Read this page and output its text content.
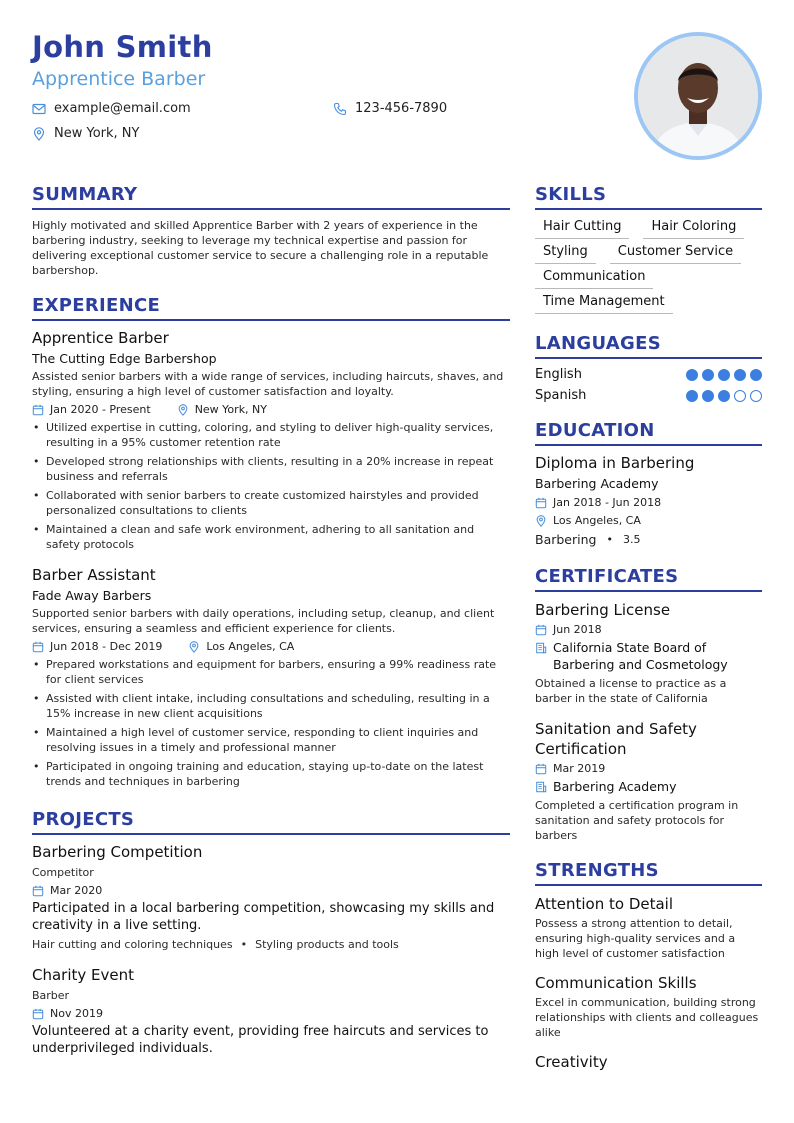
John Smith
Apprentice Barber
example@email.com	123-456-7890
New York, NY
SUMMARY

Highly motivated and skilled Apprentice Barber with 2 years of experience in the barbering industry, seeking to leverage my technical expertise and passion for delivering exceptional customer service to secure a challenging role in a reputable barbershop.

EXPERIENCE
Apprentice Barber
The Cutting Edge Barbershop

Assisted senior barbers with a wide range of services, including haircuts, shaves, and styling, ensuring a high level of customer satisfaction and loyalty.

Jan 2020 - Present	New York, NY
• Utilized expertise in cutting, coloring, and styling to deliver high-quality services, resulting in a 95% customer retention rate
• Developed strong relationships with clients, resulting in a 20% increase in repeat business and referrals
• Collaborated with senior barbers to create customized hairstyles and provided personalized consultations to clients
• Maintained a clean and safe work environment, adhering to all sanitation and safety protocols
Barber Assistant
Fade Away Barbers

Supported senior barbers with daily operations, including setup, cleanup, and client services, ensuring a seamless and efficient experience for clients.

Jun 2018 - Dec 2019	Los Angeles, CA
• Prepared workstations and equipment for barbers, ensuring a 99% readiness rate for client services
• Assisted with client intake, including consultations and scheduling, resulting in a 15% increase in new client acquisitions
• Maintained a high level of customer service, responding to client inquiries and resolving issues in a timely and professional manner
• Participated in ongoing training and education, staying up-to-date on the latest trends and techniques in barbering
PROJECTS
Barbering Competition
Competitor
Mar 2020

Participated in a local barbering competition, showcasing my skills and creativity in a live setting.

Hair cutting and coloring techniques • Styling products and tools
Charity Event
Barber
Nov 2019

Volunteered at a charity event, providing free haircuts and services to underprivileged individuals.

SKILLS
Hair Cutting	Hair Coloring
Styling	Customer Service
Communication
Time Management
LANGUAGES
English
Spanish
EDUCATION
Diploma in Barbering
Barbering Academy
Jan 2018 - Jun 2018
Los Angeles, CA
Barbering • 3.5
CERTIFICATES
Barbering License
Jun 2018
California State Board of Barbering and Cosmetology

Obtained a license to practice as a barber in the state of California

Sanitation and Safety Certification
Mar 2019
Barbering Academy

Completed a certification program in sanitation and safety protocols for barbers

STRENGTHS
Attention to Detail

Possess a strong attention to detail, ensuring high-quality services and a high level of customer satisfaction

Communication Skills

Excel in communication, building strong relationships with clients and colleagues alike

Creativity
